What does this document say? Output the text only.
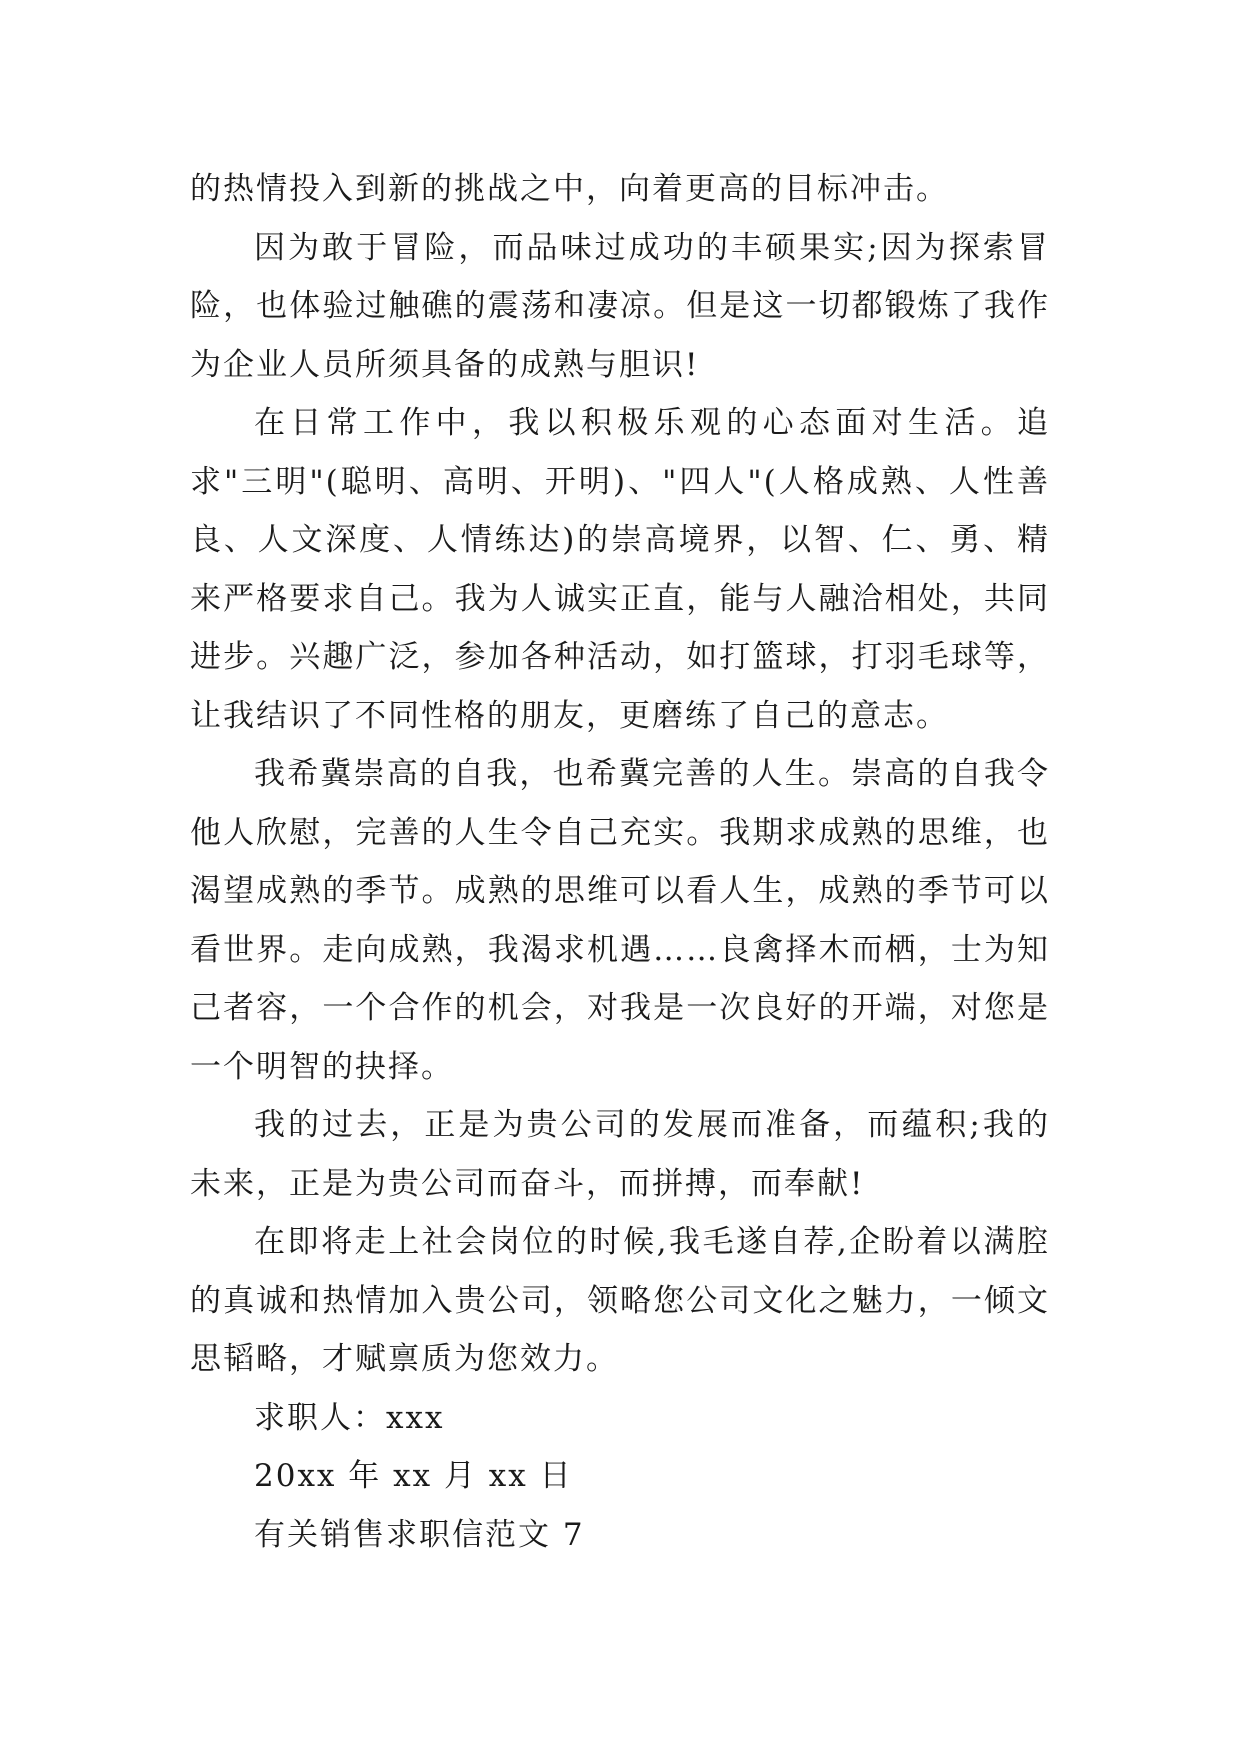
的热情投入到新的挑战之中，向着更高的目标冲击。

因为敢于冒险，而品味过成功的丰硕果实;因为探索冒险，也体验过触礁的震荡和凄凉。但是这一切都锻炼了我作为企业人员所须具备的成熟与胆识!

在日常工作中，我以积极乐观的心态面对生活。追求"三明"(聪明、高明、开明)、"四人"(人格成熟、人性善良、人文深度、人情练达)的崇高境界，以智、仁、勇、精来严格要求自己。我为人诚实正直，能与人融洽相处，共同进步。兴趣广泛，参加各种活动，如打篮球，打羽毛球等，让我结识了不同性格的朋友，更磨练了自己的意志。

我希冀崇高的自我，也希冀完善的人生。崇高的自我令他人欣慰，完善的人生令自己充实。我期求成熟的思维，也渴望成熟的季节。成熟的思维可以看人生，成熟的季节可以看世界。走向成熟，我渴求机遇……良禽择木而栖，士为知己者容，一个合作的机会，对我是一次良好的开端，对您是一个明智的抉择。

我的过去，正是为贵公司的发展而准备，而蕴积;我的未来，正是为贵公司而奋斗，而拼搏，而奉献!

在即将走上社会岗位的时候,我毛遂自荐,企盼着以满腔的真诚和热情加入贵公司，领略您公司文化之魅力，一倾文思韬略，才赋禀质为您效力。

求职人：xxx

20xx 年 xx 月 xx 日

有关销售求职信范文 7
